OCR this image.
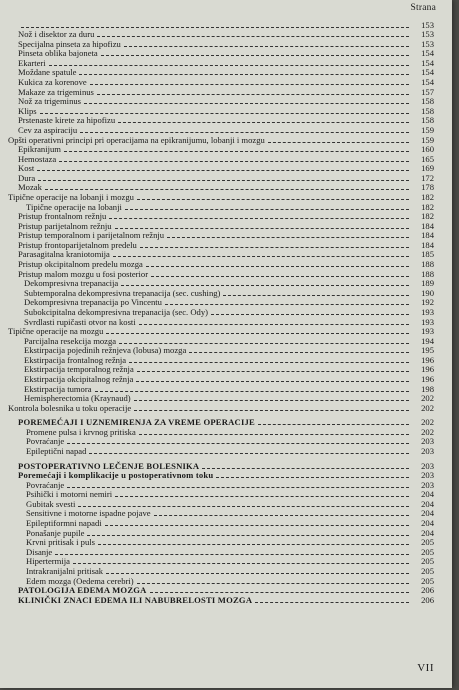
Strana
153
Nož i disektor za duru	153
Specijalna pinseta za hipofizu	153
Pinseta oblika bajoneta	154
Ekarteri	154
Moždane spatule	154
Kukica za korenove	154
Makaze za trigeminus	157
Nož za trigeminus	158
Klips	158
Prstenaste kirete za hipofizu	158
Cev za aspiraciju	159
Opšti operativni principi pri operacijama na epikranijumu, lobanji i mozgu	159
Epikranijum	160
Hemostaza	165
Kost	169
Dura	172
Mozak	178
Tipične operacije na lobanji i mozgu	182
Tipične operacije na lobanji	182
Pristup frontalnom režnju	182
Pristup parijetalnom režnju	184
Pristup temporalnom i parijetalnom režnju	184
Pristup frontoparijetalnom predelu	184
Parasagitalna kraniotomija	185
Pristup okcipitalnom predelu mozga	188
Pristup malom mozgu u fosi posterior	188
Dekompresivna trepanacija	189
Subtemporalna dekompresivna trepanacija (sec. cushing)	190
Dekompresivna trepanacija po Vincentu	192
Subokcipitalna dekompresivna trepanacija (sec. Ody)	193
Svrdlasti rupičasti otvor na kosti	193
Tipične operacije na mozgu	193
Parcijalna resekcija mozga	194
Ekstirpacija pojedinih režnjeva (lobusa) mozga	195
Ekstirpacija frontalnog režnja	196
Ekstirpacija temporalnog režnja	196
Ekstirpacija okcipitalnog režnja	196
Ekstirpacija tumora	198
Hemispherectomia (Kraynaud)	202
Kontrola bolesnika u toku operacije	202
POREMEĆAJI I UZNEMIRENJA ZA VREME OPERACIJE	202
Promene pulsa i krvnog pritiska	202
Povraćanje	203
Epileptični napad	203
POSTOPERATIVNO LEČENJE BOLESNIKA	203
Poremećaji i komplikacije u postoperativnom toku	203
Povraćanje	203
Psihički i motorni nemiri	204
Gubitak svesti	204
Sensitivne i motorne ispadne pojave	204
Epileptiformni napadi	204
Ponašanje pupile	204
Krvni pritisak i puls	205
Disanje	205
Hipertermija	205
Intrakranijalni pritisak	205
Edem mozga (Oedema cerebri)	205
PATOLOGIJA EDEMA MOZGA	206
KLINIČKI ZNACI EDEMA ILI NABUBRELOSTI MOZGA	206
VII
